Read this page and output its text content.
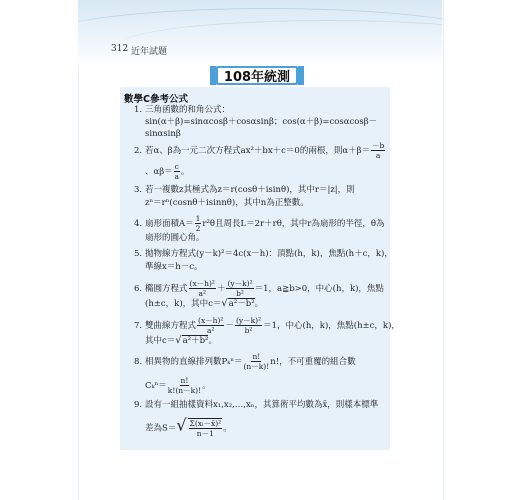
312 近年試題
108年統測
數學C參考公式
1. 三角函數的和角公式：
sin(α＋β)=sinαcosβ＋cosαsinβ；cos(α＋β)=cosαcosβ－
sinαsinβ
2. 若α、β為一元二次方程式ax²＋bx＋c＝0的兩根，則$\alpha+\beta= \frac{-b}{a}$
、$\alpha\beta= \frac{c}{a}$ 。
3. 若一複數z其極式為z＝r(cosθ＋isinθ)，其中r＝|z|，則
zⁿ＝rⁿ(cosnθ＋isinnθ)，其中n為正整數。
4. 扇形面積$A= \frac{1}{2} r^2\theta$且周長L＝2r＋rθ，其中r為扇形的半徑，θ為
扇形的圓心角。
5. 拋物線方程式(y－k)²＝4c(x－h)：頂點(h，k)，焦點(h＋c，k)，
準線x＝h－c。
6. 橢圓方程式 $\frac{\text{(x－h)²}}{\text{a²}} + \frac{\text{(y－k)²}}{\text{b²}} =1$，a≧b>0，中心(h，k)，焦點
(h±c，k)，其中c＝√a²－b²。
7. 雙曲線方程式 $\frac{\text{(x－h)²}}{\text{a²}} - \frac{\text{(y－k)²}}{\text{b²}} =1$，中心(h，k)，焦點(h±c，k)，
其中c＝√a²＋b²。
8. 相異物的直線排列數$P_k^n= \frac{n!}{(n-k)!} n$!，不可重覆的組合數
$C_k^n= \frac{n!}{k!(n-k)!}$ 。
9. 設有一組抽樣資料x₁,x₂,…,xₙ，其算術平均數為x̄，則樣本標準
差為$S=√ \frac{\text{Σ(xᵢ－x̄)²}}{n-1}$ 。
